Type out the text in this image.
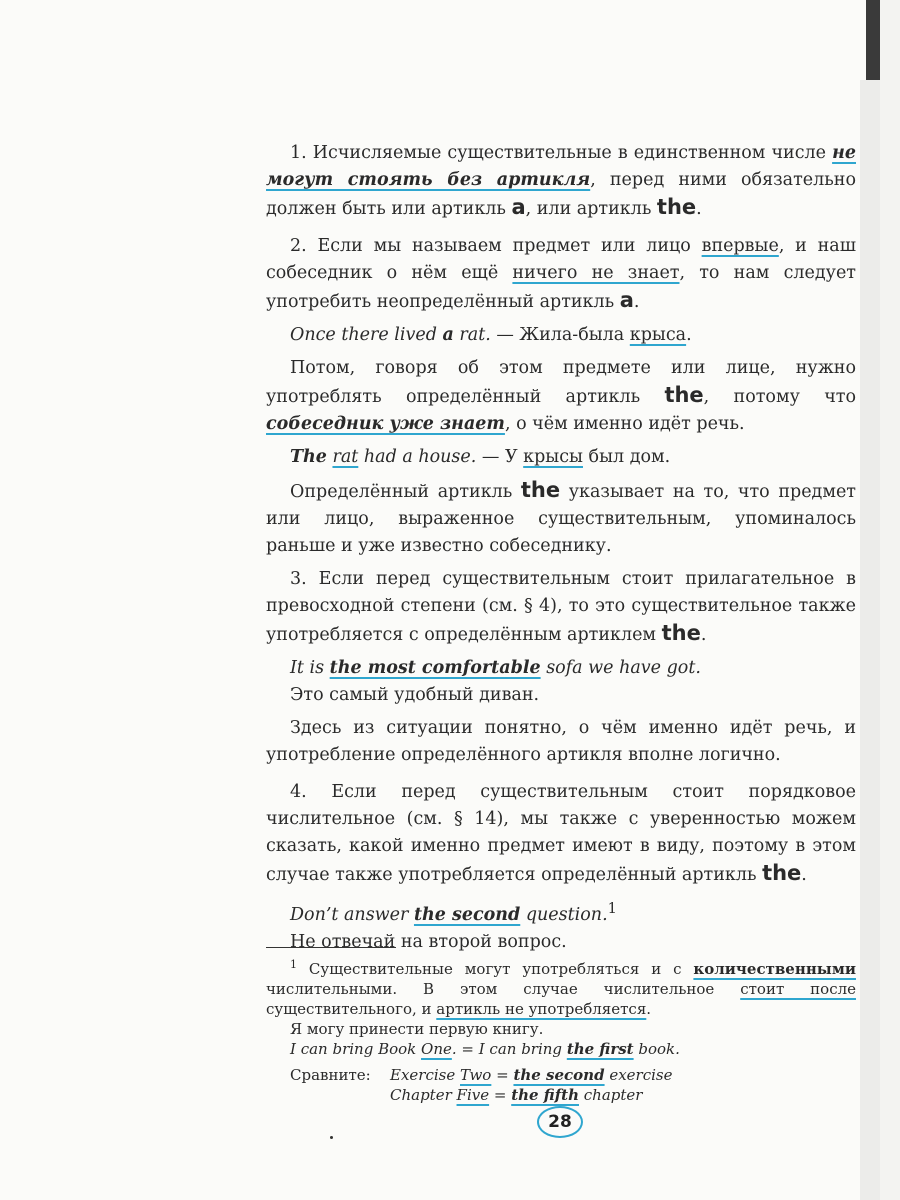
1. Исчисляемые существительные в единственном числе не могут стоять без артикля, перед ними обязательно должен быть или артикль a, или артикль the.

2. Если мы называем предмет или лицо впервые, и наш собеседник о нём ещё ничего не знает, то нам следует употребить неопределённый артикль a.

Once there lived a rat. — Жила-была крыса.

Потом, говоря об этом предмете или лице, нужно употреблять определённый артикль the, потому что собеседник уже знает, о чём именно идёт речь.

The rat had a house. — У крысы был дом.

Определённый артикль the указывает на то, что предмет или лицо, выраженное существительным, упоминалось раньше и уже известно собеседнику.

3. Если перед существительным стоит прилагательное в превосходной степени (см. § 4), то это существительное также употребляется с определённым артиклем the.

It is the most comfortable sofa we have got.

Это самый удобный диван.

Здесь из ситуации понятно, о чём именно идёт речь, и употребление определённого артикля вполне логично.

4. Если перед существительным стоит порядковое числительное (см. § 14), мы также с уверенностью можем сказать, какой именно предмет имеют в виду, поэтому в этом случае также употребляется определённый артикль the.

Don’t answer the second question.$^1$

Не отвечай на второй вопрос.

$^1$ Существительные могут употребляться и с количественными числительными. В этом случае числительное стоит после существительного, и артикль не употребляется.

Я могу принести первую книгу.

I can bring Book One. = I can bring the first book.

Сравните:	Exercise Two = the second exercise
Chapter Five = the fifth chapter
28
